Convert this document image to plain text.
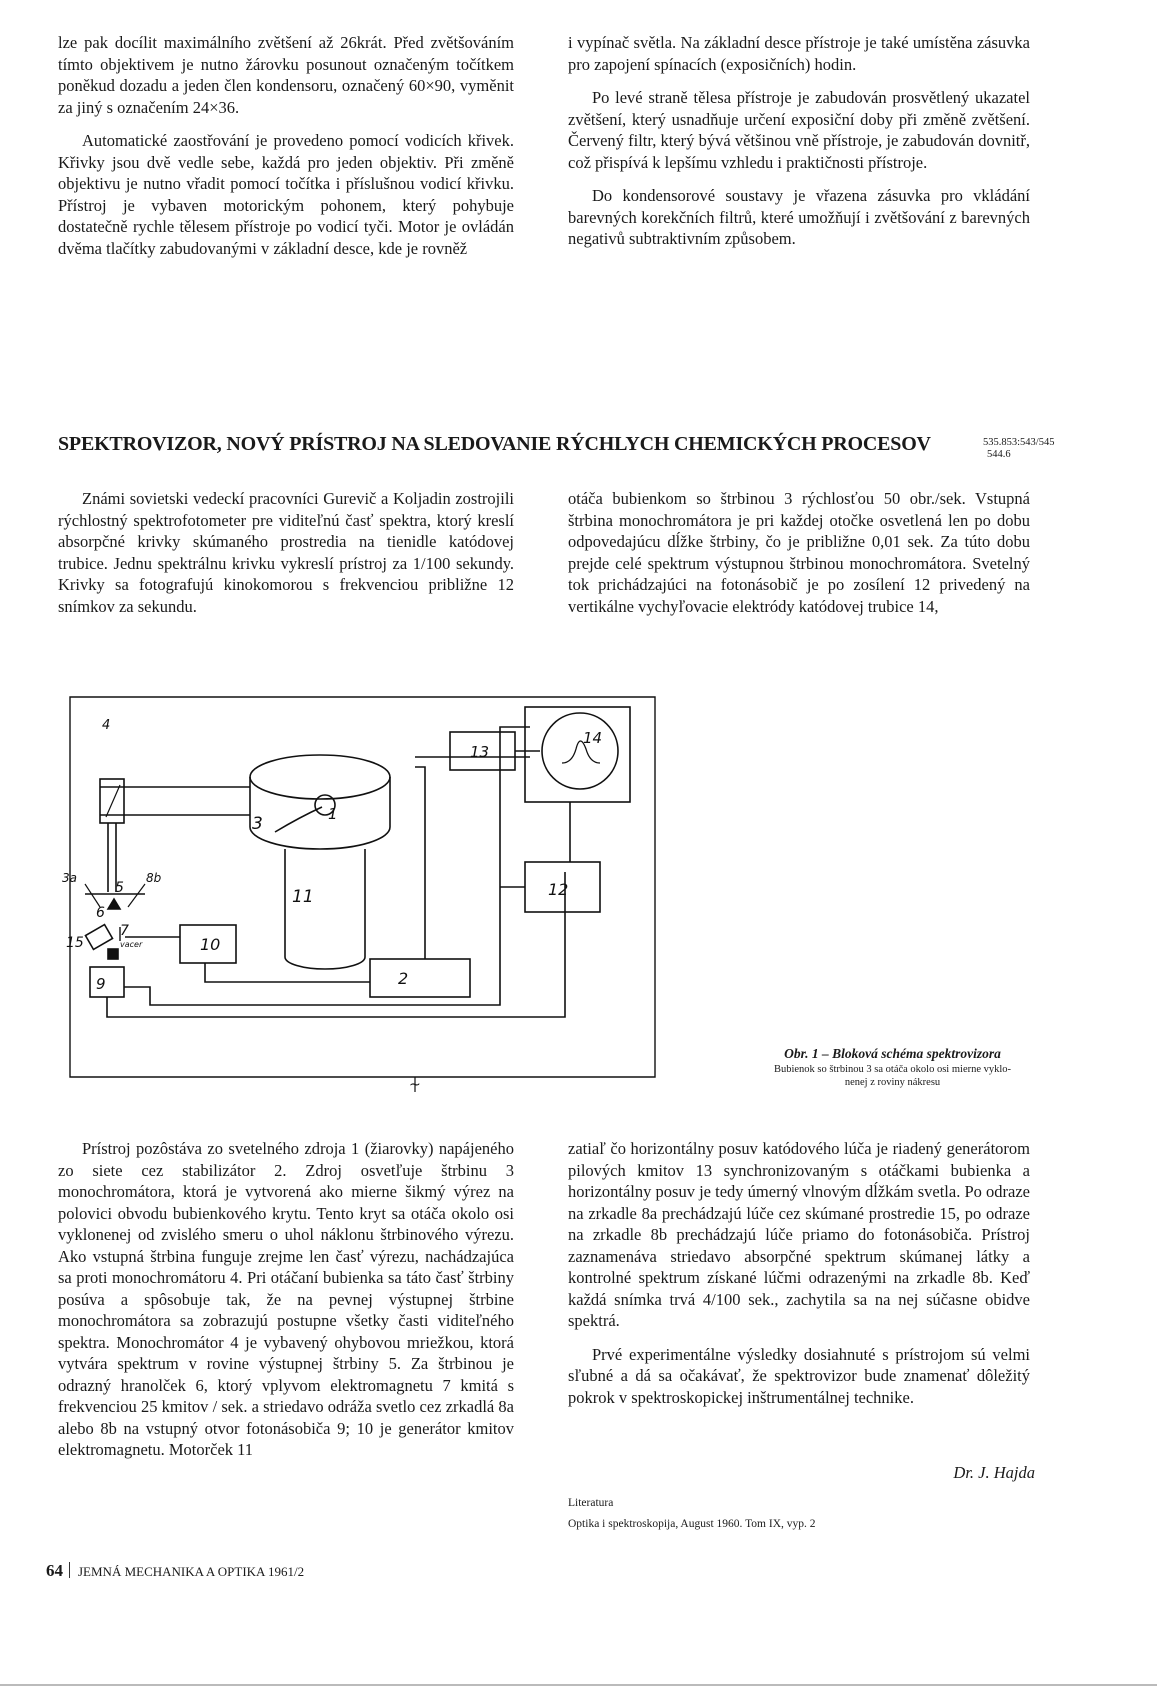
lze pak docílit maximálního zvětšení až 26krát. Před zvětšováním tímto objektivem je nutno žárovku posunout označeným točítkem poněkud dozadu a jeden člen kondensoru, označený 60×90, vyměnit za jiný s označením 24×36.

Automatické zaostřování je provedeno pomocí vodicích křivek. Křivky jsou dvě vedle sebe, každá pro jeden objektiv. Při změně objektivu je nutno vřadit pomocí točítka i příslušnou vodicí křivku. Přístroj je vybaven motorickým pohonem, který pohybuje dostatečně rychle tělesem přístroje po vodicí tyči. Motor je ovládán dvěma tlačítky zabudovanými v základní desce, kde je rovněž

i vypínač světla. Na základní desce přístroje je také umístěna zásuvka pro zapojení spínacích (exposičních) hodin.

Po levé straně tělesa přístroje je zabudován prosvětlený ukazatel zvětšení, který usnadňuje určení exposiční doby při změně zvětšení. Červený filtr, který bývá většinou vně přístroje, je zabudován dovnitř, což přispívá k lepšímu vzhledu i praktičnosti přístroje.

Do kondensorové soustavy je vřazena zásuvka pro vkládání barevných korekčních filtrů, které umožňují i zvětšování z barevných negativů subtraktivním způsobem.

SPEKTROVIZOR, NOVÝ PRÍSTROJ NA SLEDOVANIE RÝCHLYCH CHEMICKÝCH PROCESOV	535.853:543/545
544.6

Známi sovietski vedeckí pracovníci Gurevič a Koljadin zostrojili rýchlostný spektrofotometer pre viditeľnú časť spektra, ktorý kreslí absorpčné krivky skúmaného prostredia na tienidle katódovej trubice. Jednu spektrálnu krivku vykreslí prístroj za 1/100 sekundy. Krivky sa fotografujú kinokomorou s frekvenciou približne 12 snímkov za sekundu.

otáča bubienkom so štrbinou 3 rýchlosťou 50 obr./sek. Vstupná štrbina monochromátora je pri každej otočke osvetlená len po dobu odpovedajúcu dĺžke štrbiny, čo je približne 0,01 sek. Za túto dobu prejde celé spektrum výstupnou štrbinou monochromátora. Svetelný tok prichádzajúci na fotonásobič je po zosílení 12 privedený na vertikálne vychyľovacie elektródy katódovej trubice 14,

4
1
3
11
13
14
12
2
10
5
6
7
vacer
3a	8b
15
9
~
Obr. 1 – Bloková schéma spektrovizora
Bubienok so štrbinou 3 sa otáča okolo osi mierne vyklo-
nenej z roviny nákresu

Prístroj pozôstáva zo svetelného zdroja 1 (žiarovky) napájeného zo siete cez stabilizátor 2. Zdroj osvetľuje štrbinu 3 monochromátora, ktorá je vytvorená ako mierne šikmý výrez na polovici obvodu bubienkového krytu. Tento kryt sa otáča okolo osi vyklonenej od zvislého smeru o uhol náklonu štrbinového výrezu. Ako vstupná štrbina funguje zrejme len časť výrezu, nachádzajúca sa proti monochromátoru 4. Pri otáčaní bubienka sa táto časť štrbiny posúva a spôsobuje tak, že na pevnej výstupnej štrbine monochromátora sa zobrazujú postupne všetky časti viditeľného spektra. Monochromátor 4 je vybavený ohybovou mriežkou, ktorá vytvára spektrum v rovine výstupnej štrbiny 5. Za štrbinou je odrazný hranolček 6, ktorý vplyvom elektromagnetu 7 kmitá s frekvenciou 25 kmitov / sek. a striedavo odráža svetlo cez zrkadlá 8a alebo 8b na vstupný otvor fotonásobiča 9; 10 je generátor kmitov elektromagnetu. Motorček 11

zatiaľ čo horizontálny posuv katódového lúča je riadený generátorom pilových kmitov 13 synchronizovaným s otáčkami bubienka a horizontálny posuv je tedy úmerný vlnovým dĺžkám svetla. Po odraze na zrkadle 8a prechádzajú lúče cez skúmané prostredie 15, po odraze na zrkadle 8b prechádzajú lúče priamo do fotonásobiča. Prístroj zaznamenáva striedavo absorpčné spektrum skúmanej látky a kontrolné spektrum získané lúčmi odrazenými na zrkadle 8b. Keď každá snímka trvá 4/100 sek., zachytila sa na nej súčasne obidve spektrá.

Prvé experimentálne výsledky dosiahnuté s prístrojom sú velmi sľubné a dá sa očakávať, že spektrovizor bude znamenať dôležitý pokrok v spektroskopickej inštrumentálnej technike.

Dr. J. Hajda
Literatura
Optika i spektroskopija, August 1960. Tom IX, vyp. 2
64 JEMNÁ MECHANIKA A OPTIKA 1961/2
